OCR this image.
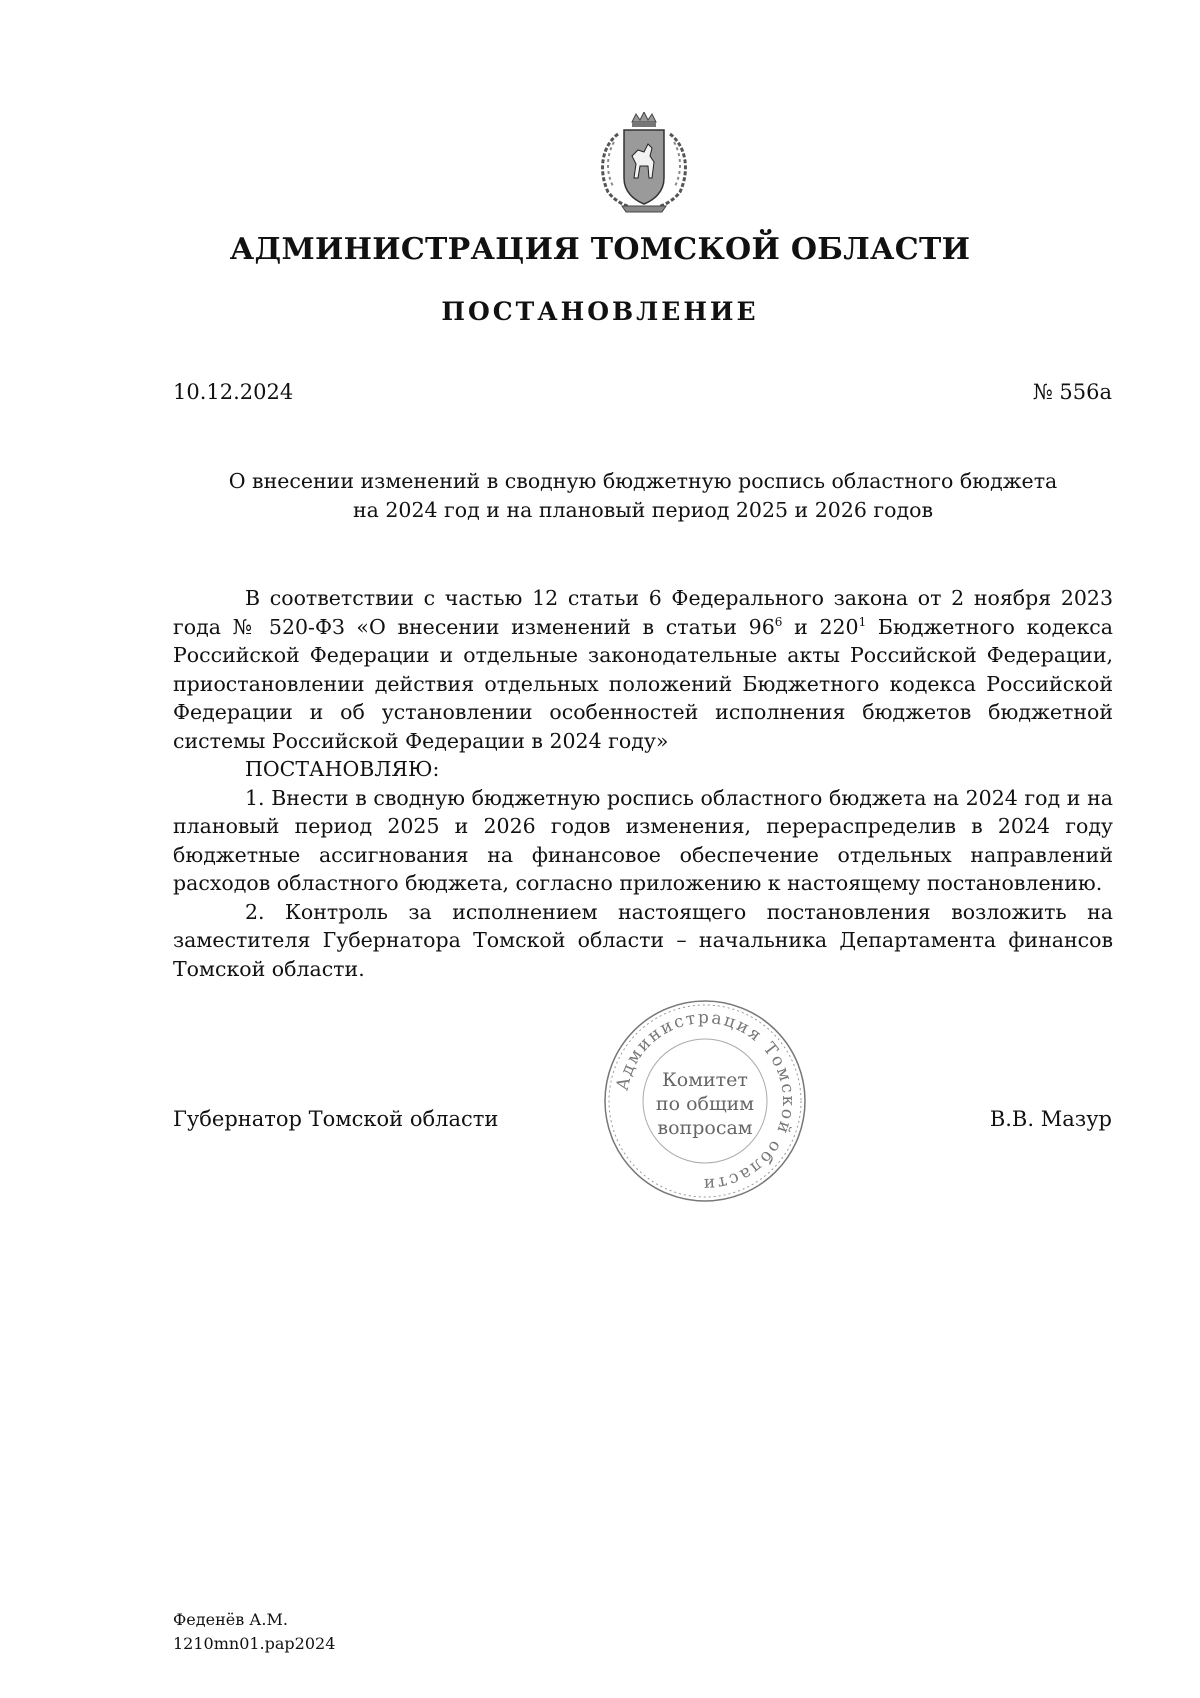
АДМИНИСТРАЦИЯ ТОМСКОЙ ОБЛАСТИ
ПОСТАНОВЛЕНИЕ
10.12.2024	№ 556а
О внесении изменений в сводную бюджетную роспись областного бюджета
на 2024 год и на плановый период 2025 и 2026 годов

В соответствии с частью 12 статьи 6 Федерального закона от 2 ноября 2023 года № 520-ФЗ «О внесении изменений в статьи $96^6$ и $220^1$ Бюджетного кодекса Российской Федерации и отдельные законодательные акты Российской Федерации, приостановлении действия отдельных положений Бюджетного кодекса Российской Федерации и об установлении особенностей исполнения бюджетов бюджетной системы Российской Федерации в 2024 году»

ПОСТАНОВЛЯЮ:

1. Внести в сводную бюджетную роспись областного бюджета на 2024 год и на плановый период 2025 и 2026 годов изменения, перераспределив в 2024 году бюджетные ассигнования на финансовое обеспечение отдельных направлений расходов областного бюджета, согласно приложению к настоящему постановлению.

2. Контроль за исполнением настоящего постановления возложить на заместителя Губернатора Томской области – начальника Департамента финансов Томской области.

Губернатор Томской области	В.В. Мазур
Администрация Томской области
Комитет
по общим
вопросам
Феденёв А.М.
1210mn01.pap2024
